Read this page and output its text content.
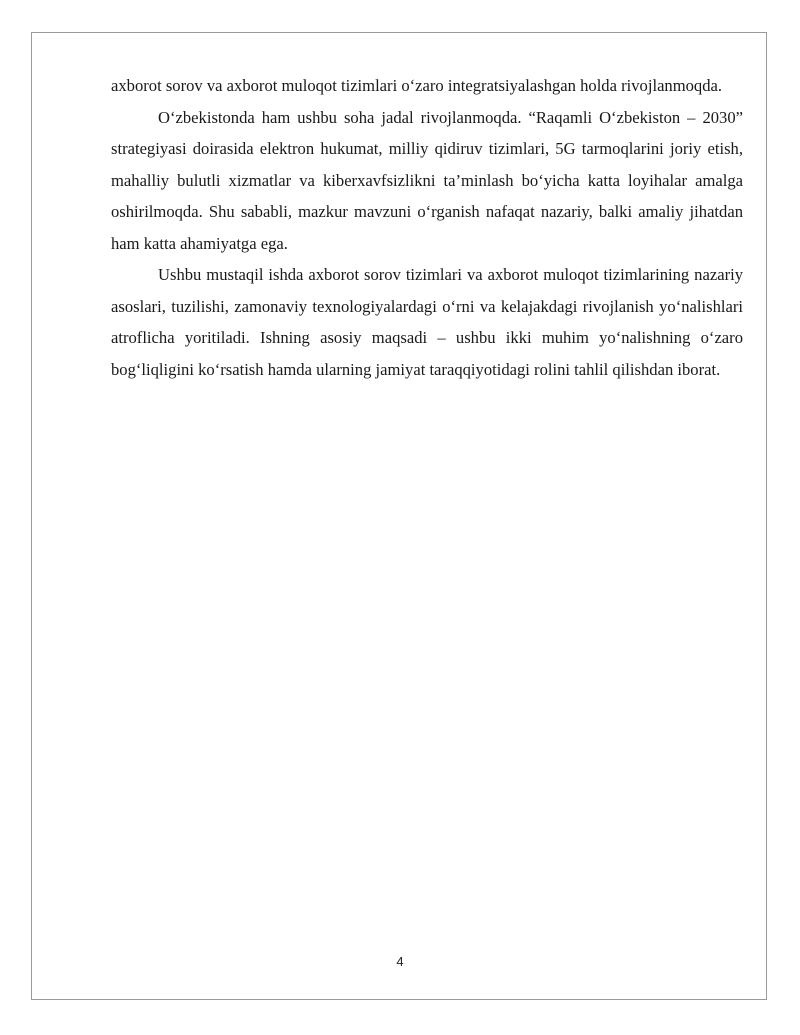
axborot sorov va axborot muloqot tizimlari o‘zaro integratsiyalashgan holda rivojlanmoqda.

O‘zbekistonda ham ushbu soha jadal rivojlanmoqda. “Raqamli O‘zbekiston – 2030” strategiyasi doirasida elektron hukumat, milliy qidiruv tizimlari, 5G tarmoqlarini joriy etish, mahalliy bulutli xizmatlar va kiberxavfsizlikni ta’minlash bo‘yicha katta loyihalar amalga oshirilmoqda. Shu sababli, mazkur mavzuni o‘rganish nafaqat nazariy, balki amaliy jihatdan ham katta ahamiyatga ega.

Ushbu mustaqil ishda axborot sorov tizimlari va axborot muloqot tizimlarining nazariy asoslari, tuzilishi, zamonaviy texnologiyalardagi o‘rni va kelajakdagi rivojlanish yo‘nalishlari atroflicha yoritiladi. Ishning asosiy maqsadi – ushbu ikki muhim yo‘nalishning o‘zaro bog‘liqligini ko‘rsatish hamda ularning jamiyat taraqqiyotidagi rolini tahlil qilishdan iborat.

4
